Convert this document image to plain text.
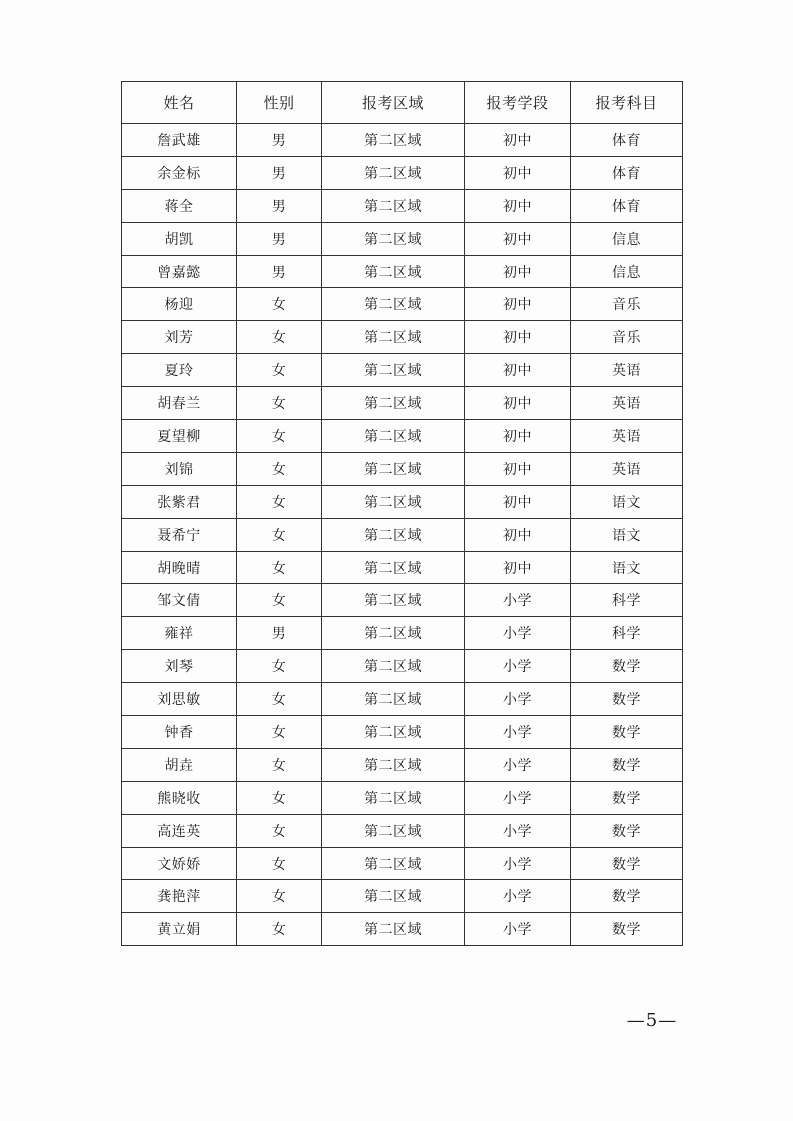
姓名	性别	报考区域	报考学段	报考科目
詹武雄	男	第二区域	初中	体育
余金标	男	第二区域	初中	体育
蒋全	男	第二区域	初中	体育
胡凯	男	第二区域	初中	信息
曾嘉懿	男	第二区域	初中	信息
杨迎	女	第二区域	初中	音乐
刘芳	女	第二区域	初中	音乐
夏玲	女	第二区域	初中	英语
胡春兰	女	第二区域	初中	英语
夏望柳	女	第二区域	初中	英语
刘锦	女	第二区域	初中	英语
张紫君	女	第二区域	初中	语文
聂希宁	女	第二区域	初中	语文
胡晚晴	女	第二区域	初中	语文
邹文倩	女	第二区域	小学	科学
雍祥	男	第二区域	小学	科学
刘琴	女	第二区域	小学	数学
刘思敏	女	第二区域	小学	数学
钟香	女	第二区域	小学	数学
胡垚	女	第二区域	小学	数学
熊晓收	女	第二区域	小学	数学
高连英	女	第二区域	小学	数学
文娇娇	女	第二区域	小学	数学
龚艳萍	女	第二区域	小学	数学
黄立娟	女	第二区域	小学	数学
—5—
